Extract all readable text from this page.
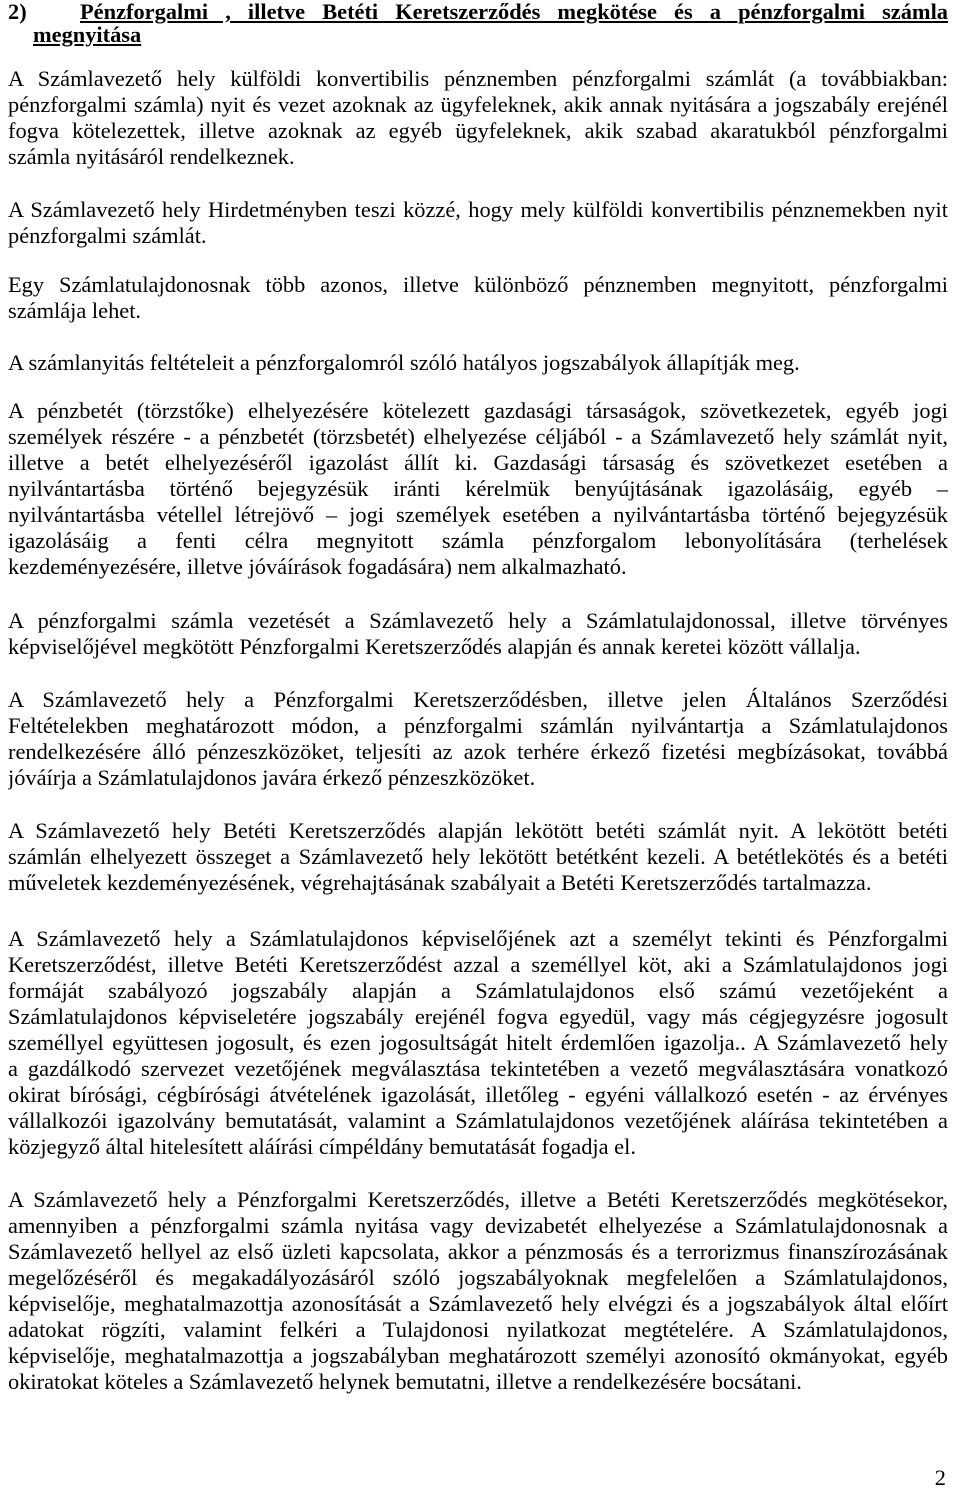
2) Pénzforgalmi , illetve Betéti Keretszerződés megkötése és a pénzforgalmi számla
megnyitása
A Számlavezető hely külföldi konvertibilis pénznemben pénzforgalmi számlát (a továbbiakban:
pénzforgalmi számla) nyit és vezet azoknak az ügyfeleknek, akik annak nyitására a jogszabály erejénél
fogva kötelezettek, illetve azoknak az egyéb ügyfeleknek, akik szabad akaratukból pénzforgalmi
számla nyitásáról rendelkeznek.
A Számlavezető hely Hirdetményben teszi közzé, hogy mely külföldi konvertibilis pénznemekben nyit
pénzforgalmi számlát.
Egy Számlatulajdonosnak több azonos, illetve különböző pénznemben megnyitott, pénzforgalmi
számlája lehet.
A számlanyitás feltételeit a pénzforgalomról szóló hatályos jogszabályok állapítják meg.
A pénzbetét (törzstőke) elhelyezésére kötelezett gazdasági társaságok, szövetkezetek, egyéb jogi
személyek részére - a pénzbetét (törzsbetét) elhelyezése céljából - a Számlavezető hely számlát nyit,
illetve a betét elhelyezéséről igazolást állít ki. Gazdasági társaság és szövetkezet esetében a
nyilvántartásba történő bejegyzésük iránti kérelmük benyújtásának igazolásáig, egyéb –
nyilvántartásba vétellel létrejövő – jogi személyek esetében a nyilvántartásba történő bejegyzésük
igazolásáig a fenti célra megnyitott számla pénzforgalom lebonyolítására (terhelések
kezdeményezésére, illetve jóváírások fogadására) nem alkalmazható.
A pénzforgalmi számla vezetését a Számlavezető hely a Számlatulajdonossal, illetve törvényes
képviselőjével megkötött Pénzforgalmi Keretszerződés alapján és annak keretei között vállalja.
A Számlavezető hely a Pénzforgalmi Keretszerződésben, illetve jelen Általános Szerződési
Feltételekben meghatározott módon, a pénzforgalmi számlán nyilvántartja a Számlatulajdonos
rendelkezésére álló pénzeszközöket, teljesíti az azok terhére érkező fizetési megbízásokat, továbbá
jóváírja a Számlatulajdonos javára érkező pénzeszközöket.
A Számlavezető hely Betéti Keretszerződés alapján lekötött betéti számlát nyit. A lekötött betéti
számlán elhelyezett összeget a Számlavezető hely lekötött betétként kezeli. A betétlekötés és a betéti
műveletek kezdeményezésének, végrehajtásának szabályait a Betéti Keretszerződés tartalmazza.
A Számlavezető hely a Számlatulajdonos képviselőjének azt a személyt tekinti és Pénzforgalmi
Keretszerződést, illetve Betéti Keretszerződést azzal a személlyel köt, aki a Számlatulajdonos jogi
formáját szabályozó jogszabály alapján a Számlatulajdonos első számú vezetőjeként a
Számlatulajdonos képviseletére jogszabály erejénél fogva egyedül, vagy más cégjegyzésre jogosult
személlyel együttesen jogosult, és ezen jogosultságát hitelt érdemlően igazolja.. A Számlavezető hely
a gazdálkodó szervezet vezetőjének megválasztása tekintetében a vezető megválasztására vonatkozó
okirat bírósági, cégbírósági átvételének igazolását, illetőleg - egyéni vállalkozó esetén - az érvényes
vállalkozói igazolvány bemutatását, valamint a Számlatulajdonos vezetőjének aláírása tekintetében a
közjegyző által hitelesített aláírási címpéldány bemutatását fogadja el.
A Számlavezető hely a Pénzforgalmi Keretszerződés, illetve a Betéti Keretszerződés megkötésekor,
amennyiben a pénzforgalmi számla nyitása vagy devizabetét elhelyezése a Számlatulajdonosnak a
Számlavezető hellyel az első üzleti kapcsolata, akkor a pénzmosás és a terrorizmus finanszírozásának
megelőzéséről és megakadályozásáról szóló jogszabályoknak megfelelően a Számlatulajdonos,
képviselője, meghatalmazottja azonosítását a Számlavezető hely elvégzi és a jogszabályok által előírt
adatokat rögzíti, valamint felkéri a Tulajdonosi nyilatkozat megtételére. A Számlatulajdonos,
képviselője, meghatalmazottja a jogszabályban meghatározott személyi azonosító okmányokat, egyéb
okiratokat köteles a Számlavezető helynek bemutatni, illetve a rendelkezésére bocsátani.
2
